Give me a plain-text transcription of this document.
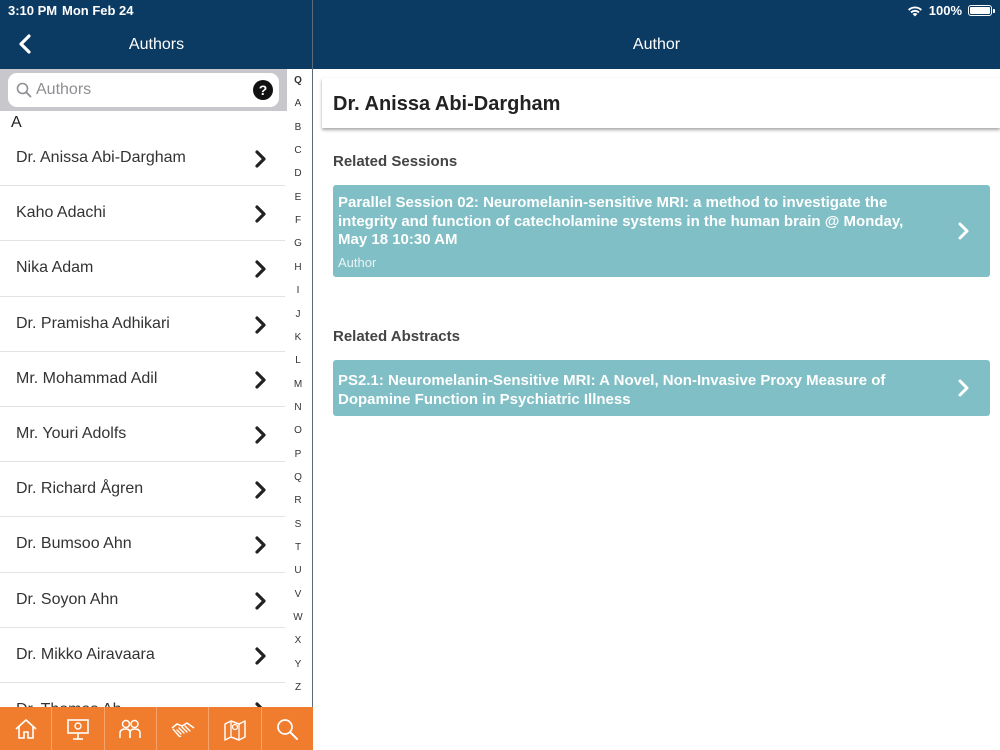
3:10 PM Mon Feb 24	100%
Authors	Author
Authors
?
A
Dr. Anissa Abi-Dargham
Kaho Adachi
Nika Adam
Dr. Pramisha Adhikari
Mr. Mohammad Adil
Mr. Youri Adolfs
Dr. Richard Ågren
Dr. Bumsoo Ahn
Dr. Soyon Ahn
Dr. Mikko Airavaara
Q
A
B
C
D
E
F
G
H
I
J
K
L
M
N
O
P
Q
R
S
T
U
V
W
X
Y
Z
Dr. Anissa Abi-Dargham
Related Sessions
Parallel Session 02: Neuromelanin-sensitive MRI: a method to investigate the
integrity and function of catecholamine systems in the human brain @ Monday,
May 18 10:30 AM
Author
Related Abstracts
PS2.1: Neuromelanin-Sensitive MRI: A Novel, Non-Invasive Proxy Measure of
Dopamine Function in Psychiatric Illness
